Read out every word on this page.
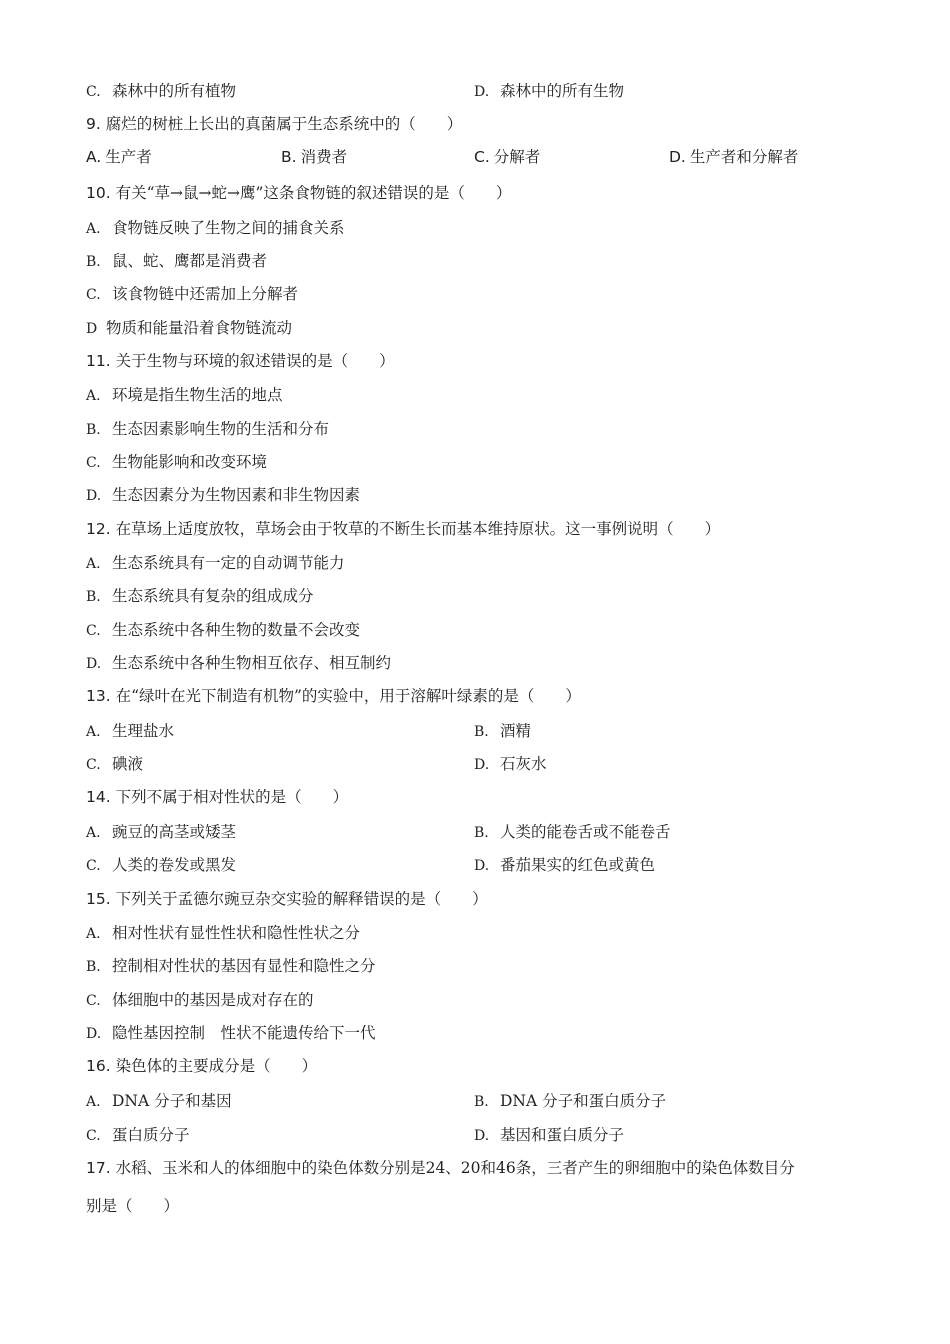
C. 森林中的所有植物	D. 森林中的所有生物
9. 腐烂的树桩上长出的真菌属于生态系统中的（　　）
A. 生产者	B. 消费者	C. 分解者	D. 生产者和分解者
10. 有关“草→鼠→蛇→鹰”这条食物链的叙述错误的是（　　）
A. 食物链反映了生物之间的捕食关系
B. 鼠、蛇、鹰都是消费者
C. 该食物链中还需加上分解者
D 物质和能量沿着食物链流动
11. 关于生物与环境的叙述错误的是（　　）
A. 环境是指生物生活的地点
B. 生态因素影响生物的生活和分布
C. 生物能影响和改变环境
D. 生态因素分为生物因素和非生物因素
12. 在草场上适度放牧，草场会由于牧草的不断生长而基本维持原状。这一事例说明（　　）
A. 生态系统具有一定的自动调节能力
B. 生态系统具有复杂的组成成分
C. 生态系统中各种生物的数量不会改变
D. 生态系统中各种生物相互依存、相互制约
13. 在“绿叶在光下制造有机物”的实验中，用于溶解叶绿素的是（　　）
A. 生理盐水	B. 酒精
C. 碘液	D. 石灰水
14. 下列不属于相对性状的是（　　）
A. 豌豆的高茎或矮茎	B. 人类的能卷舌或不能卷舌
C. 人类的卷发或黑发	D. 番茄果实的红色或黄色
15. 下列关于孟德尔豌豆杂交实验的解释错误的是（　　）
A. 相对性状有显性性状和隐性性状之分
B. 控制相对性状的基因有显性和隐性之分
C. 体细胞中的基因是成对存在的
D. 隐性基因控制　性状不能遗传给下一代
16. 染色体的主要成分是（　　）
A. DNA 分子和基因	B. DNA 分子和蛋白质分子
C. 蛋白质分子	D. 基因和蛋白质分子
17. 水稻、玉米和人的体细胞中的染色体数分别是24、20和46条，三者产生的卵细胞中的染色体数目分
别是（　　）
